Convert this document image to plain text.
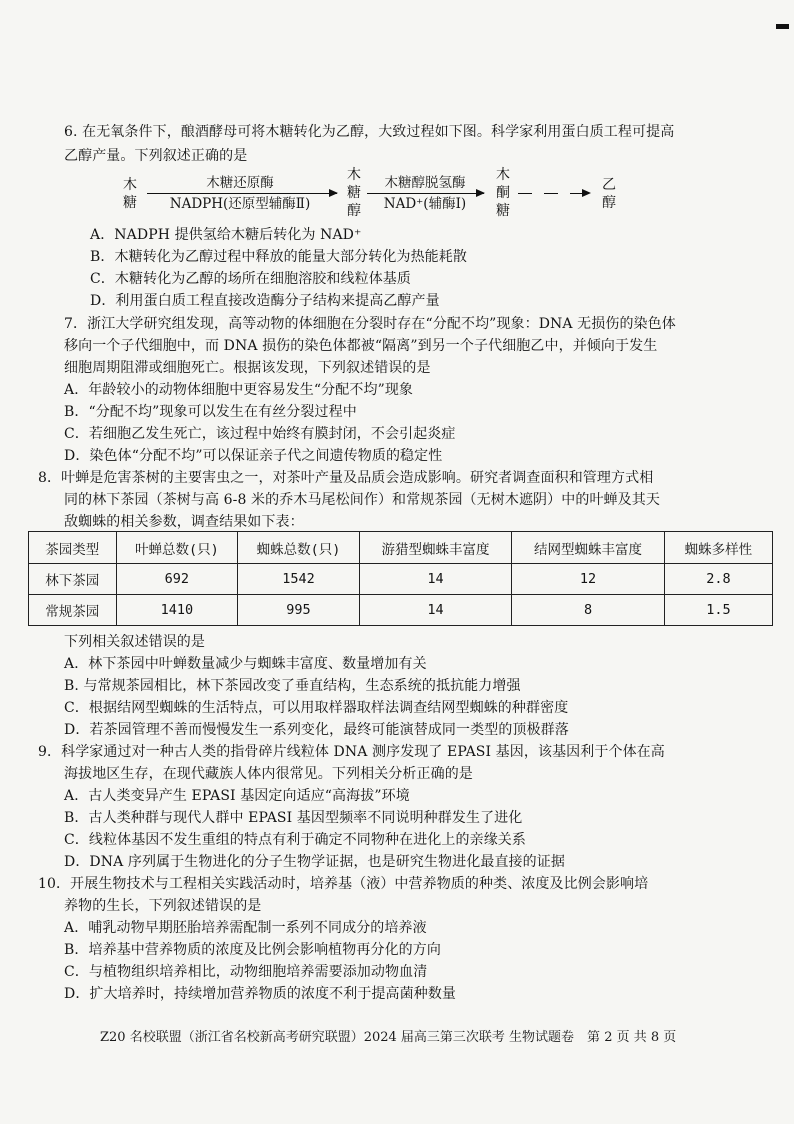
6. 在无氧条件下，酿酒酵母可将木糖转化为乙醇，大致过程如下图。科学家利用蛋白质工程可提高
乙醇产量。下列叙述正确的是
木
糖
木糖还原酶
NADPH(还原型辅酶Ⅱ)
木
糖
醇
木糖醇脱氢酶
NAD⁺(辅酶I)
木
酮
糖
乙
醇
A．NADPH 提供氢给木糖后转化为 NAD⁺
B．木糖转化为乙醇过程中释放的能量大部分转化为热能耗散
C．木糖转化为乙醇的场所在细胞溶胶和线粒体基质
D．利用蛋白质工程直接改造酶分子结构来提高乙醇产量
7．浙江大学研究组发现，高等动物的体细胞在分裂时存在“分配不均”现象：DNA 无损伤的染色体
移向一个子代细胞中，而 DNA 损伤的染色体都被“隔离”到另一个子代细胞乙中，并倾向于发生
细胞周期阻滞或细胞死亡。根据该发现，下列叙述错误的是
A．年龄较小的动物体细胞中更容易发生“分配不均”现象
B．“分配不均”现象可以发生在有丝分裂过程中
C．若细胞乙发生死亡，该过程中始终有膜封闭，不会引起炎症
D．染色体“分配不均”可以保证亲子代之间遗传物质的稳定性
8．叶蝉是危害茶树的主要害虫之一，对茶叶产量及品质会造成影响。研究者调查面积和管理方式相
同的林下茶园（茶树与高 6-8 米的乔木马尾松间作）和常规茶园（无树木遮阴）中的叶蝉及其天
敌蜘蛛的相关参数，调查结果如下表：
茶园类型	叶蝉总数(只)	蜘蛛总数(只)	游猎型蜘蛛丰富度	结网型蜘蛛丰富度	蜘蛛多样性
林下茶园	692	1542	14	12	2.8
常规茶园	1410	995	14	8	1.5
下列相关叙述错误的是
A．林下茶园中叶蝉数量减少与蜘蛛丰富度、数量增加有关
B. 与常规茶园相比，林下茶园改变了垂直结构，生态系统的抵抗能力增强
C．根据结网型蜘蛛的生活特点，可以用取样器取样法调查结网型蜘蛛的种群密度
D．若茶园管理不善而慢慢发生一系列变化，最终可能演替成同一类型的顶极群落
9．科学家通过对一种古人类的指骨碎片线粒体 DNA 测序发现了 EPASI 基因，该基因利于个体在高
海拔地区生存，在现代藏族人体内很常见。下列相关分析正确的是
A．古人类变异产生 EPASI 基因定向适应“高海拔”环境
B．古人类种群与现代人群中 EPASI 基因型频率不同说明种群发生了进化
C．线粒体基因不发生重组的特点有利于确定不同物种在进化上的亲缘关系
D．DNA 序列属于生物进化的分子生物学证据，也是研究生物进化最直接的证据
10．开展生物技术与工程相关实践活动时，培养基（液）中营养物质的种类、浓度及比例会影响培
养物的生长，下列叙述错误的是
A．哺乳动物早期胚胎培养需配制一系列不同成分的培养液
B．培养基中营养物质的浓度及比例会影响植物再分化的方向
C．与植物组织培养相比，动物细胞培养需要添加动物血清
D．扩大培养时，持续增加营养物质的浓度不利于提高菌种数量
Z20 名校联盟（浙江省名校新高考研究联盟）2024 届高三第三次联考 生物试题卷　第 2 页 共 8 页
